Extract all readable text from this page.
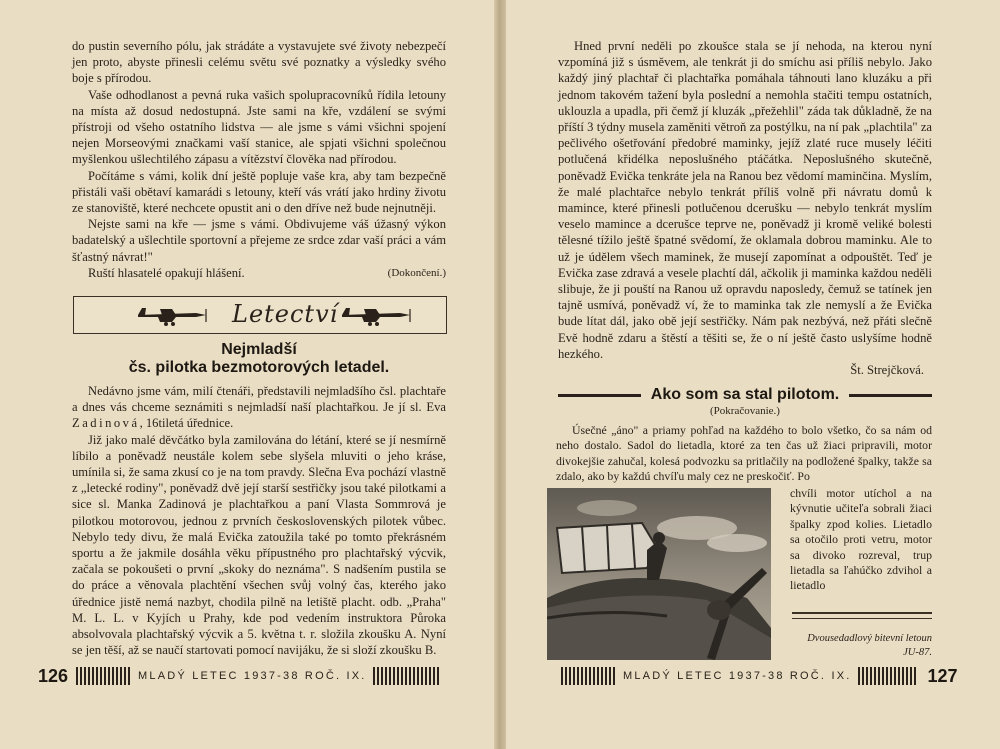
do pustin severního pólu, jak strádáte a vystavujete své životy nebezpečí jen proto, abyste přinesli celému světu své poznatky a výsledky svého boje s přírodou.

Vaše odhodlanost a pevná ruka vašich spolupracovníků řídila letouny na místa až dosud nedostupná. Jste sami na kře, vzdálení se svými přístroji od všeho ostatního lidstva — ale jsme s vámi všichni spojení nejen Morseovými značkami vaší stanice, ale spjati všichni společnou myšlenkou ušlechtilého zápasu a vítězství člověka nad přírodou.

Počítáme s vámi, kolik dní ještě popluje vaše kra, aby tam bezpečně přistáli vaši obětaví kamarádi s letouny, kteří vás vrátí jako hrdiny životu ze stanoviště, které nechcete opustit ani o den dříve než bude nejnutněji.

Nejste sami na kře — jsme s vámi. Obdivujeme váš úžasný výkon badatelský a ušlechtile sportovní a přejeme ze srdce zdar vaší práci a vám šťastný návrat!"

Ruští hlasatelé opakují hlášení.	(Dokončení.)

Letectví
Nejmladší
čs. pilotka bezmotorových letadel.

Nedávno jsme vám, milí čtenáři, představili nejmladšího čsl. plachtaře a dnes vás chceme seznámiti s nejmladší naší plachtařkou. Je jí sl. Eva Zadinová, 16tiletá úřednice.

Již jako malé děvčátko byla zamilována do létání, které se jí nesmírně líbilo a poněvadž neustále kolem sebe slyšela mluviti o jeho kráse, umínila si, že sama zkusí co je na tom pravdy. Slečna Eva pochází vlastně z „letecké rodiny", poněvadž dvě její starší sestřičky jsou také pilotkami a sice sl. Manka Zadinová je plachtařkou a paní Vlasta Sommrová je pilotkou motorovou, jednou z prvních československých pilotek vůbec. Nebylo tedy divu, že malá Evička zatoužila také po tomto překrásném sportu a že jakmile dosáhla věku přípustného pro plachtařský výcvik, začala se pokoušeti o první „skoky do neznáma". S nadšením pustila se do práce a věnovala plachtění všechen svůj volný čas, kterého jako úřednice jistě nemá nazbyt, chodila pilně na letiště placht. odb. „Praha" M. L. L. v Kyjích u Prahy, kde pod vedením instruktora Půroka absolvovala plachtařský výcvik a 5. května t. r. složila zkoušku A. Nyní se jen těší, až se naučí startovati pomocí navijáku, že si složí zkoušku B.

Hned první neděli po zkoušce stala se jí nehoda, na kterou nyní vzpomíná již s úsměvem, ale tenkrát ji do smíchu asi příliš nebylo. Jako každý jiný plachtař či plachtařka pomáhala táhnouti lano kluzáku a při jednom takovém tažení byla poslední a nemohla stačiti tempu ostatních, uklouzla a upadla, při čemž jí kluzák „přežehlil" záda tak důkladně, že na příští 3 týdny musela zaměniti větroň za postýlku, na ní pak „plachtila" za pečlivého ošetřování předobré maminky, jejíž zlaté ruce musely léčiti potlučená křidélka neposlušného ptáčátka. Neposlušného skutečně, poněvadž Evička tenkráte jela na Ranou bez vědomí maminčina. Myslím, že malé plachtařce nebylo tenkrát příliš volně při návratu domů k mamince, které přinesli potlučenou dcerušku — nebylo tenkrát myslím veselo mamince a dcerušce teprve ne, poněvadž ji kromě veliké bolesti tělesné tížilo ještě špatné svědomí, že oklamala dobrou maminku. Ale to už je údělem všech maminek, že musejí zapomínat a odpouštět. Teď je Evička zase zdravá a vesele plachtí dál, ačkolik ji maminka každou neděli slibuje, že ji pouští na Ranou už opravdu naposledy, čemuž se tatínek jen tajně usmívá, poněvadž ví, že to maminka tak zle nemyslí a že Evička bude lítat dál, jako obě její sestřičky. Nám pak nezbývá, než přáti slečně Evě hodně zdaru a štěstí a těšiti se, že o ní ještě často uslyšíme hodně hezkého.

Št. Strejčková.

Ako som sa stal pilotom.
(Pokračovanie.)

Úsečné „áno" a priamy pohľad na každého to bolo všetko, čo sa nám od neho dostalo. Sadol do lietadla, ktoré za ten čas už žiaci pripravili, motor divokejšie zahučal, kolesá podvozku sa pritlačily na podložené špalky, takže sa zdalo, ako by každú chvíľu maly cez ne preskočiť. Po

chvíli motor utíchol a na kývnutie učiteľa sobrali žiaci špalky zpod kolies. Lietadlo sa otočilo proti vetru, motor sa divoko rozreval, trup lietadla sa ľahúčko zdvihol a lietadlo

Dvousedadlový bitevní letoun JU-87.
126	MLADÝ LETEC 1937-38 ROČ. IX.	MLADÝ LETEC 1937-38 ROČ. IX.	127
